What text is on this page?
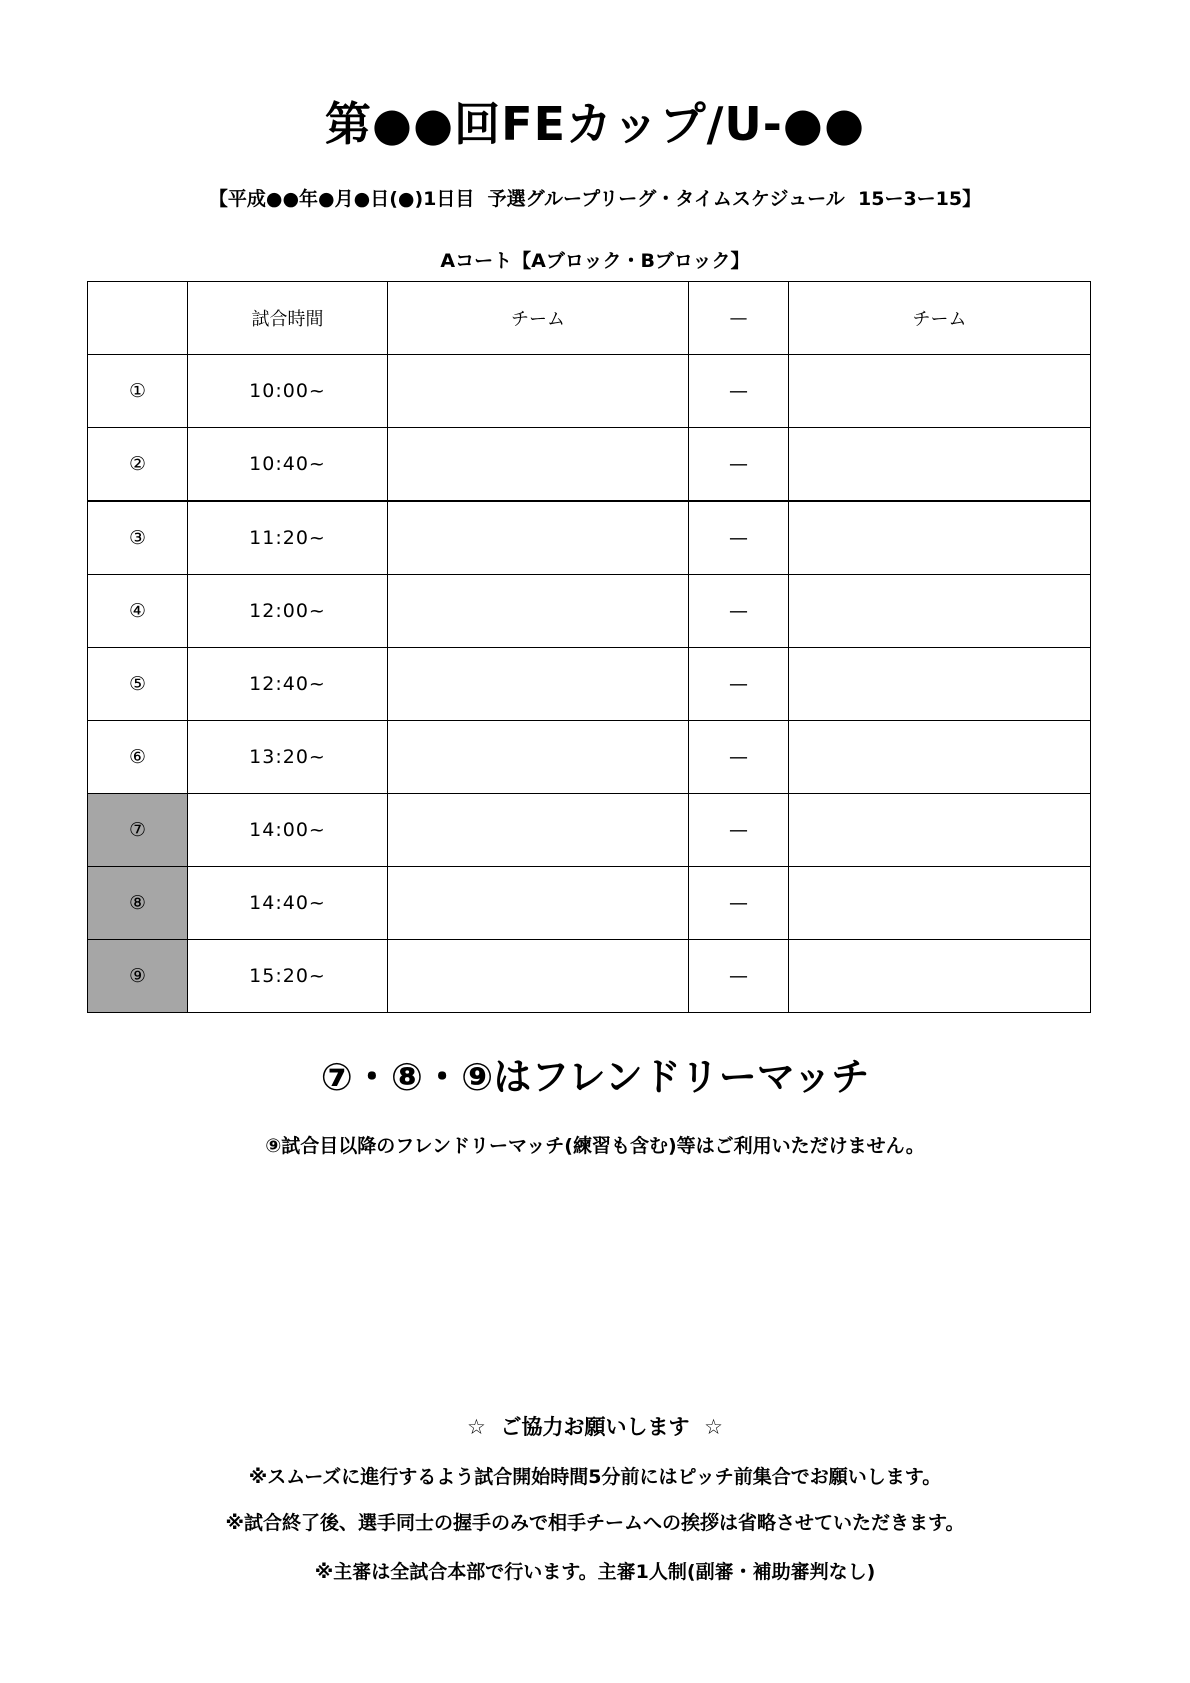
第●●回FEカップ/U-●●
【平成●●年●月●日(●)1日目  予選グループリーグ・タイムスケジュール  15ー3ー15】
Aコート【Aブロック・Bブロック】
	試合時間	チーム	—	チーム
①	10:00~		—	
②	10:40~		—	
③	11:20~		—	
④	12:00~		—	
⑤	12:40~		—	
⑥	13:20~		—	
⑦	14:00~		—	
⑧	14:40~		—	
⑨	15:20~		—	
⑦・⑧・⑨はフレンドリーマッチ
⑨試合目以降のフレンドリーマッチ(練習も含む)等はご利用いただけません。
☆  ご協力お願いします  ☆
※スムーズに進行するよう試合開始時間5分前にはピッチ前集合でお願いします。
※試合終了後、選手同士の握手のみで相手チームへの挨拶は省略させていただきます。
※主審は全試合本部で行います。主審1人制(副審・補助審判なし)
